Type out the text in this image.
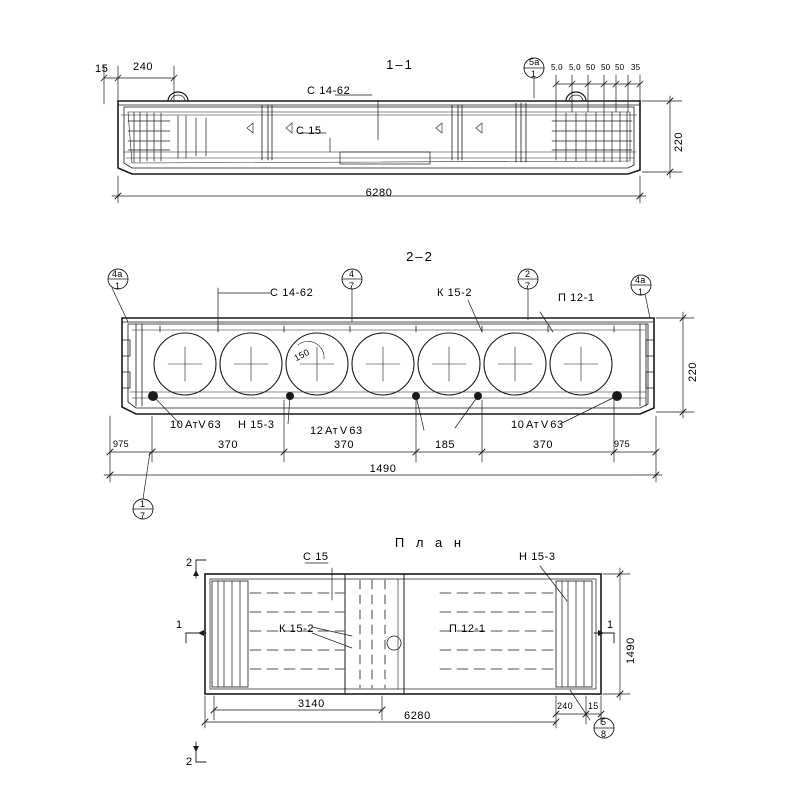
1–1
15 240
С 14-62
С 15
5a
1
5,0 5,0 50 50 50 35
6280
220
2–2
С 14-62	К 15-2	П 12-1
150
4a
1
4
7
2
7
4a
1
1
7
10 АтV 63 Н 15-3	12 Ат V 63	10 Ат V 63
975	370	370	185	370	975
1490
220
П л а н
С 15	Н 15-3
К 15-2	П 12-1
2
2
1	1
3140
6280
240 15
1490
5
8
